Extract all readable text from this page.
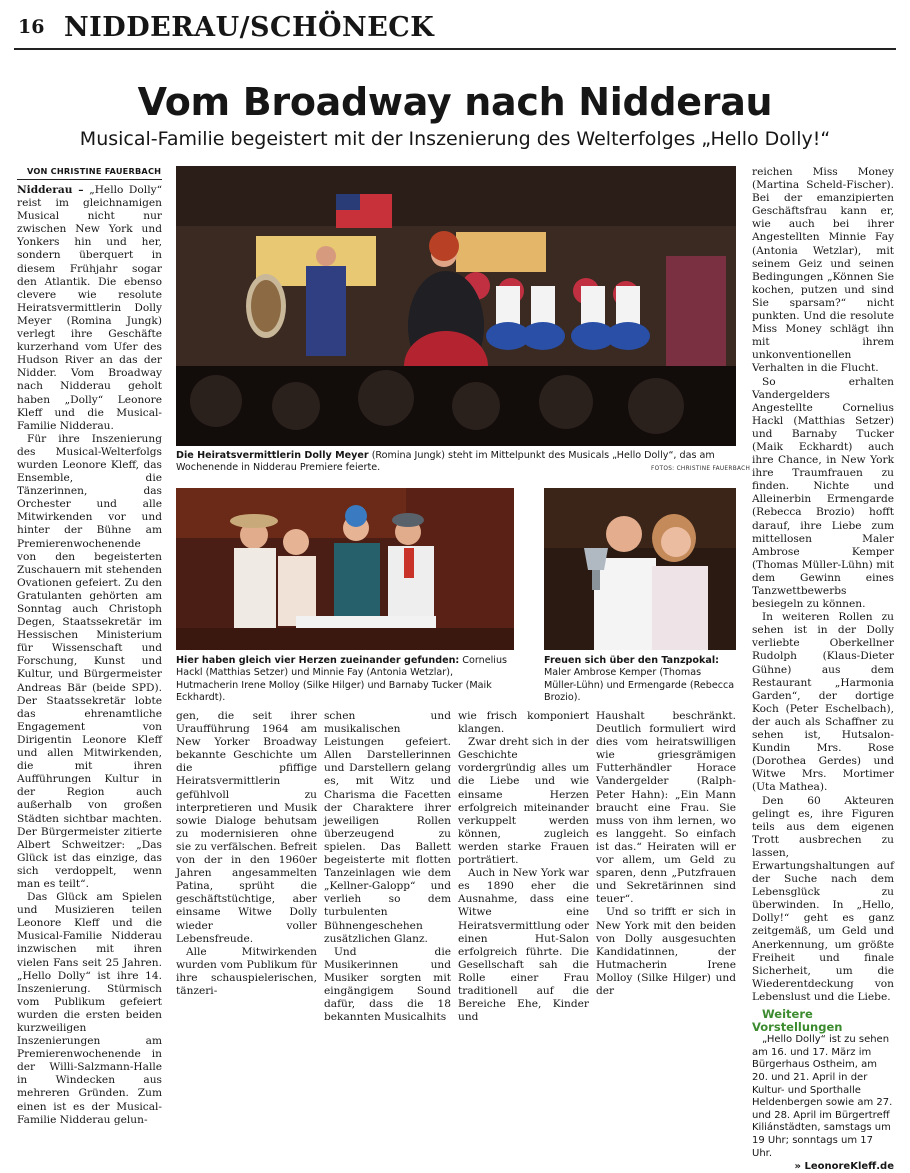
16 NIDDERAU/SCHÖNECK
Vom Broadway nach Nidderau
Musical-Familie begeistert mit der Inszenierung des Welterfolges „Hello Dolly!“

VON CHRISTINE FAUERBACH

Nidderau – „Hello Dolly“ reist im gleichnamigen Musical nicht nur zwischen New York und Yonkers hin und her, sondern überquert in diesem Frühjahr sogar den Atlantik. Die ebenso clevere wie resolute Heiratsvermittlerin Dolly Meyer (Romina Jungk) verlegt ihre Geschäfte kurzerhand vom Ufer des Hudson River an das der Nidder. Vom Broadway nach Nidderau geholt haben „Dolly“ Leonore Kleff und die Musical-Familie Nidderau.

Für ihre Inszenierung des Musical-Welterfolgs wurden Leonore Kleff, das Ensemble, die Tänzerinnen, das Orchester und alle Mitwirkenden vor und hinter der Bühne am Premierenwochenende von den begeisterten Zuschauern mit stehenden Ovationen gefeiert. Zu den Gratulanten gehörten am Sonntag auch Christoph Degen, Staatssekretär im Hessischen Ministerium für Wissenschaft und Forschung, Kunst und Kultur, und Bürgermeister Andreas Bär (beide SPD). Der Staatssekretär lobte das ehrenamtliche Engagement von Dirigentin Leonore Kleff und allen Mitwirkenden, die mit ihren Aufführungen Kultur in der Region auch außerhalb von großen Städten sichtbar machten. Der Bürgermeister zitierte Albert Schweitzer: „Das Glück ist das einzige, das sich verdoppelt, wenn man es teilt“.

Das Glück am Spielen und Musizieren teilen Leonore Kleff und die Musical-Familie Nidderau inzwischen mit ihren vielen Fans seit 25 Jahren. „Hello Dolly“ ist ihre 14. Inszenierung. Stürmisch vom Publikum gefeiert wurden die ersten beiden kurzweiligen Inszenierungen am Premierenwochenende in der Willi-Salzmann-Halle in Windecken aus mehreren Gründen. Zum einen ist es der Musical-Familie Nidderau gelun-

Die Heiratsvermittlerin Dolly Meyer (Romina Jungk) steht im Mittelpunkt des Musicals „Hello Dolly“, das am Wochenende in Nidderau Premiere feierte.	FOTOS: CHRISTINE FAUERBACH
Hier haben gleich vier Herzen zueinander gefunden: Cornelius Hackl (Matthias Setzer) und Minnie Fay (Antonia Wetzlar), Hutmacherin Irene Molloy (Silke Hilger) und Barnaby Tucker (Maik Eckhardt).
Freuen sich über den Tanzpokal: Maler Ambrose Kemper (Thomas Müller-Lühn) und Ermengarde (Rebecca Brozio).

gen, die seit ihrer Uraufführung 1964 am New Yorker Broadway bekannte Geschichte um die pfiffige Heiratsvermittlerin gefühlvoll zu interpretieren und Musik sowie Dialoge behutsam zu modernisieren ohne sie zu verfälschen. Befreit von der in den 1960er Jahren angesammelten Patina, sprüht die geschäftstüchtige, aber einsame Witwe Dolly wieder voller Lebensfreude.

Alle Mitwirkenden wurden vom Publikum für ihre schauspielerischen, tänzeri-

schen und musikalischen Leistungen gefeiert. Allen Darstellerinnen und Darstellern gelang es, mit Witz und Charisma die Facetten der Charaktere ihrer jeweiligen Rollen überzeugend zu spielen. Das Ballett begeisterte mit flotten Tanzeinlagen wie dem „Kellner-Galopp“ und verlieh so dem turbulenten Bühnengeschehen zusätzlichen Glanz.

Und die Musikerinnen und Musiker sorgten mit eingängigem Sound dafür, dass die 18 bekannten Musicalhits

wie frisch komponiert klangen.

Zwar dreht sich in der Geschichte vordergründig alles um die Liebe und wie einsame Herzen erfolgreich miteinander verkuppelt werden können, zugleich werden starke Frauen porträtiert.

Auch in New York war es 1890 eher die Ausnahme, dass eine Witwe eine Heiratsvermittlung oder einen Hut-Salon erfolgreich führte. Die Gesellschaft sah die Rolle einer Frau traditionell auf die Bereiche Ehe, Kinder und

Haushalt beschränkt. Deutlich formuliert wird dies vom heiratswilligen wie griesgrämigen Futterhändler Horace Vandergelder (Ralph-Peter Hahn): „Ein Mann braucht eine Frau. Sie muss von ihm lernen, wo es langgeht. So einfach ist das.“ Heiraten will er vor allem, um Geld zu sparen, denn „Putzfrauen und Sekretärinnen sind teuer“.

Und so trifft er sich in New York mit den beiden von Dolly ausgesuchten Kandidatinnen, der Hutmacherin Irene Molloy (Silke Hilger) und der

reichen Miss Money (Martina Scheld-Fischer). Bei der emanzipierten Geschäftsfrau kann er, wie auch bei ihrer Angestellten Minnie Fay (Antonia Wetzlar), mit seinem Geiz und seinen Bedingungen „Können Sie kochen, putzen und sind Sie sparsam?“ nicht punkten. Und die resolute Miss Money schlägt ihn mit ihrem unkonventionellen Verhalten in die Flucht.

So erhalten Vandergelders Angestellte Cornelius Hackl (Matthias Setzer) und Barnaby Tucker (Maik Eckhardt) auch ihre Chance, in New York ihre Traumfrauen zu finden. Nichte und Alleinerbin Ermengarde (Rebecca Brozio) hofft darauf, ihre Liebe zum mittellosen Maler Ambrose Kemper (Thomas Müller-Lühn) mit dem Gewinn eines Tanzwettbewerbs besiegeln zu können.

In weiteren Rollen zu sehen ist in der Dolly verliebte Oberkellner Rudolph (Klaus-Dieter Gühne) aus dem Restaurant „Harmonia Garden“, der dortige Koch (Peter Eschelbach), der auch als Schaffner zu sehen ist, Hutsalon-Kundin Mrs. Rose (Dorothea Gerdes) und Witwe Mrs. Mortimer (Uta Mathea).

Den 60 Akteuren gelingt es, ihre Figuren teils aus dem eigenen Trott ausbrechen zu lassen, Erwartungshaltungen auf der Suche nach dem Lebensglück zu überwinden. In „Hello, Dolly!“ geht es ganz zeitgemäß, um Geld und Anerkennung, um größte Freiheit und finale Sicherheit, um die Wiederentdeckung von Lebenslust und die Liebe.

Weitere Vorstellungen

„Hello Dolly“ ist zu sehen am 16. und 17. März im Bürgerhaus Ostheim, am 20. und 21. April in der Kultur- und Sporthalle Heldenbergen sowie am 27. und 28. April im Bürgertreff Kiliánstädten, samstags um 19 Uhr; sonntags um 17 Uhr.

» LeonoreKleff.de
